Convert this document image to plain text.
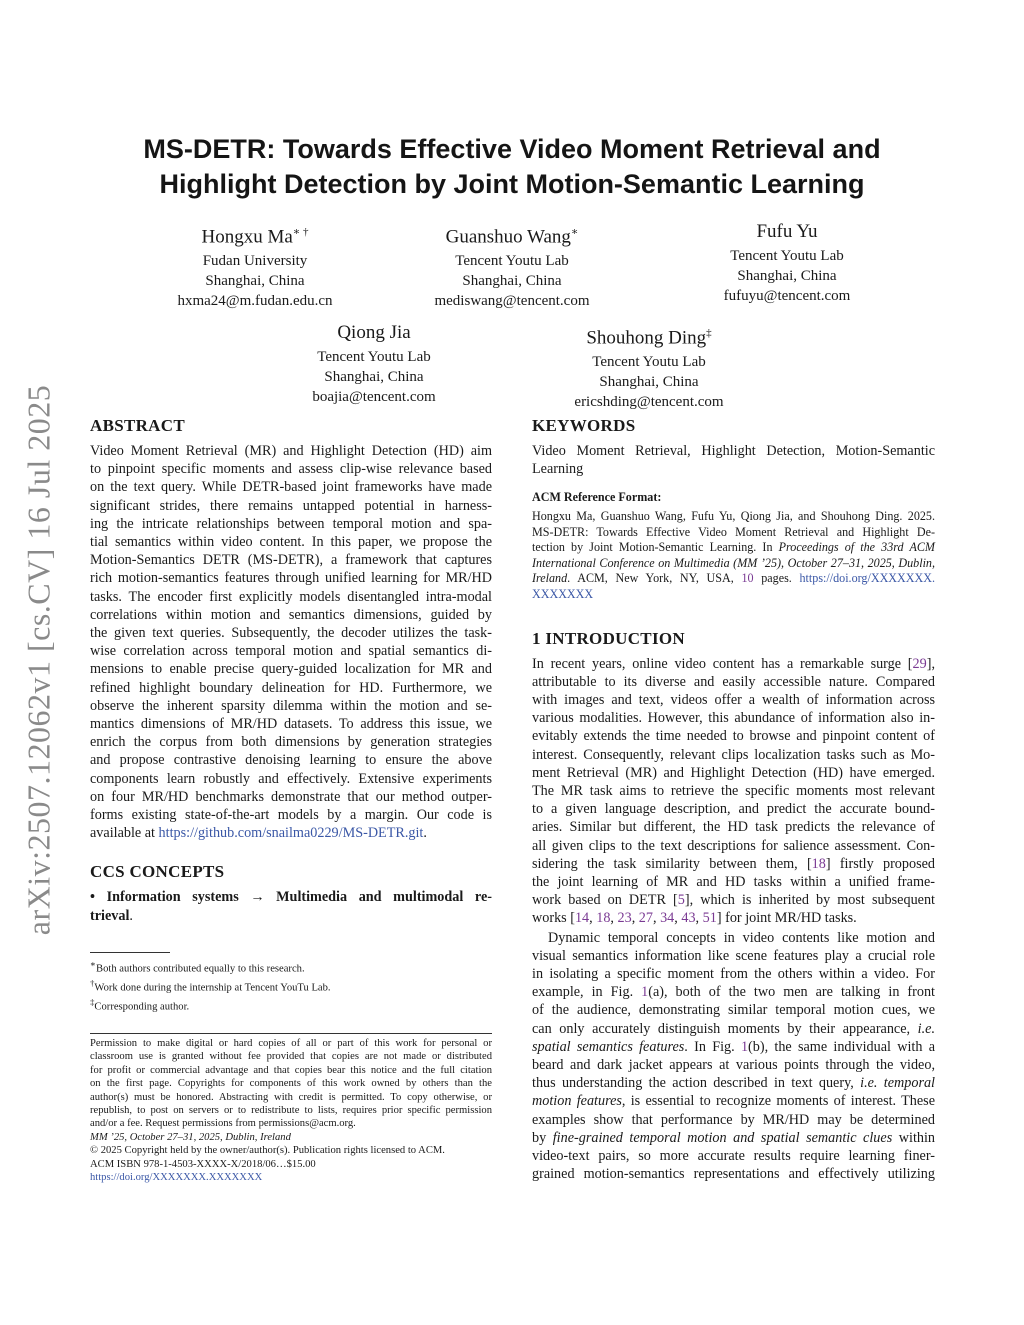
arXiv:2507.12062v1 [cs.CV] 16 Jul 2025
MS-DETR: Towards Effective Video Moment Retrieval and
Highlight Detection by Joint Motion-Semantic Learning
Hongxu Ma∗ †
Fudan University
Shanghai, China
hxma24@m.fudan.edu.cn
Guanshuo Wang∗
Tencent Youtu Lab
Shanghai, China
mediswang@tencent.com
Fufu Yu
Tencent Youtu Lab
Shanghai, China
fufuyu@tencent.com
Qiong Jia
Tencent Youtu Lab
Shanghai, China
boajia@tencent.com
Shouhong Ding‡
Tencent Youtu Lab
Shanghai, China
ericshding@tencent.com
ABSTRACT
Video Moment Retrieval (MR) and Highlight Detection (HD) aim
to pinpoint specific moments and assess clip-wise relevance based
on the text query. While DETR-based joint frameworks have made
significant strides, there remains untapped potential in harness-
ing the intricate relationships between temporal motion and spa-
tial semantics within video content. In this paper, we propose the
Motion-Semantics DETR (MS-DETR), a framework that captures
rich motion-semantics features through unified learning for MR/HD
tasks. The encoder first explicitly models disentangled intra-modal
correlations within motion and semantics dimensions, guided by
the given text queries. Subsequently, the decoder utilizes the task-
wise correlation across temporal motion and spatial semantics di-
mensions to enable precise query-guided localization for MR and
refined highlight boundary delineation for HD. Furthermore, we
observe the inherent sparsity dilemma within the motion and se-
mantics dimensions of MR/HD datasets. To address this issue, we
enrich the corpus from both dimensions by generation strategies
and propose contrastive denoising learning to ensure the above
components learn robustly and effectively. Extensive experiments
on four MR/HD benchmarks demonstrate that our method outper-
forms existing state-of-the-art models by a margin. Our code is
available at https://github.com/snailma0229/MS-DETR.git.
CCS CONCEPTS
• Information systems → Multimedia and multimodal re-
trieval.
∗Both authors contributed equally to this research.
†Work done during the internship at Tencent YouTu Lab.
‡Corresponding author.
Permission to make digital or hard copies of all or part of this work for personal or
classroom use is granted without fee provided that copies are not made or distributed
for profit or commercial advantage and that copies bear this notice and the full citation
on the first page. Copyrights for components of this work owned by others than the
author(s) must be honored. Abstracting with credit is permitted. To copy otherwise, or
republish, to post on servers or to redistribute to lists, requires prior specific permission
and/or a fee. Request permissions from permissions@acm.org.
MM ’25, October 27–31, 2025, Dublin, Ireland
© 2025 Copyright held by the owner/author(s). Publication rights licensed to ACM.
ACM ISBN 978-1-4503-XXXX-X/2018/06…$15.00
https://doi.org/XXXXXXX.XXXXXXX
KEYWORDS
Video Moment Retrieval, Highlight Detection, Motion-Semantic
Learning
ACM Reference Format:
Hongxu Ma, Guanshuo Wang, Fufu Yu, Qiong Jia, and Shouhong Ding. 2025.
MS-DETR: Towards Effective Video Moment Retrieval and Highlight De-
tection by Joint Motion-Semantic Learning. In Proceedings of the 33rd ACM
International Conference on Multimedia (MM ’25), October 27–31, 2025, Dublin,
Ireland. ACM, New York, NY, USA, 10 pages. https://doi.org/XXXXXXX.
XXXXXXX
1 INTRODUCTION
In recent years, online video content has a remarkable surge [29],
attributable to its diverse and easily accessible nature. Compared
with images and text, videos offer a wealth of information across
various modalities. However, this abundance of information also in-
evitably extends the time needed to browse and pinpoint content of
interest. Consequently, relevant clips localization tasks such as Mo-
ment Retrieval (MR) and Highlight Detection (HD) have emerged.
The MR task aims to retrieve the specific moments most relevant
to a given language description, and predict the accurate bound-
aries. Similar but different, the HD task predicts the relevance of
all given clips to the text descriptions for salience assessment. Con-
sidering the task similarity between them, [18] firstly proposed
the joint learning of MR and HD tasks within a unified frame-
work based on DETR [5], which is inherited by most subsequent
works [14, 18, 23, 27, 34, 43, 51] for joint MR/HD tasks.
Dynamic temporal concepts in video contents like motion and
visual semantics information like scene features play a crucial role
in isolating a specific moment from the others within a video. For
example, in Fig. 1(a), both of the two men are talking in front
of the audience, demonstrating similar temporal motion cues, we
can only accurately distinguish moments by their appearance, i.e.
spatial semantics features. In Fig. 1(b), the same individual with a
beard and dark jacket appears at various points through the video,
thus understanding the action described in text query, i.e. temporal
motion features, is essential to recognize moments of interest. These
examples show that performance by MR/HD may be determined
by fine-grained temporal motion and spatial semantic clues within
video-text pairs, so more accurate results require learning finer-
grained motion-semantics representations and effectively utilizing
